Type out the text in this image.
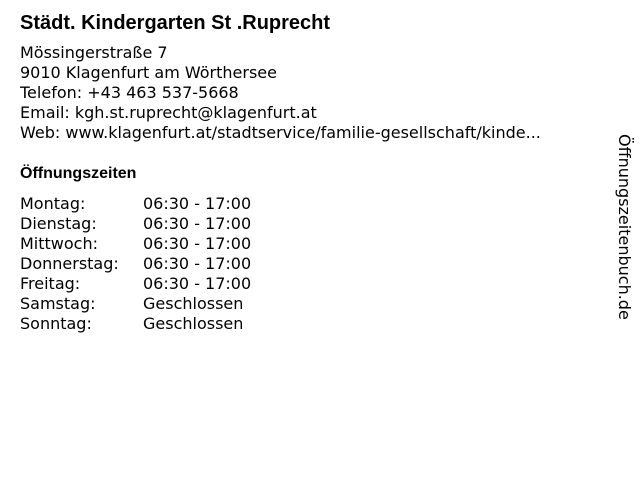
Städt. Kindergarten St .Ruprecht
Mössingerstraße 7
9010 Klagenfurt am Wörthersee
Telefon: +43 463 537-5668
Email: kgh.st.ruprecht@klagenfurt.at
Web: www.klagenfurt.at/stadtservice/familie-gesellschaft/kinde...
Öffnungszeiten
Montag:	06:30 - 17:00
Dienstag:	06:30 - 17:00
Mittwoch:	06:30 - 17:00
Donnerstag:	06:30 - 17:00
Freitag:	06:30 - 17:00
Samstag:	Geschlossen
Sonntag:	Geschlossen
Öffnungszeitenbuch.de
